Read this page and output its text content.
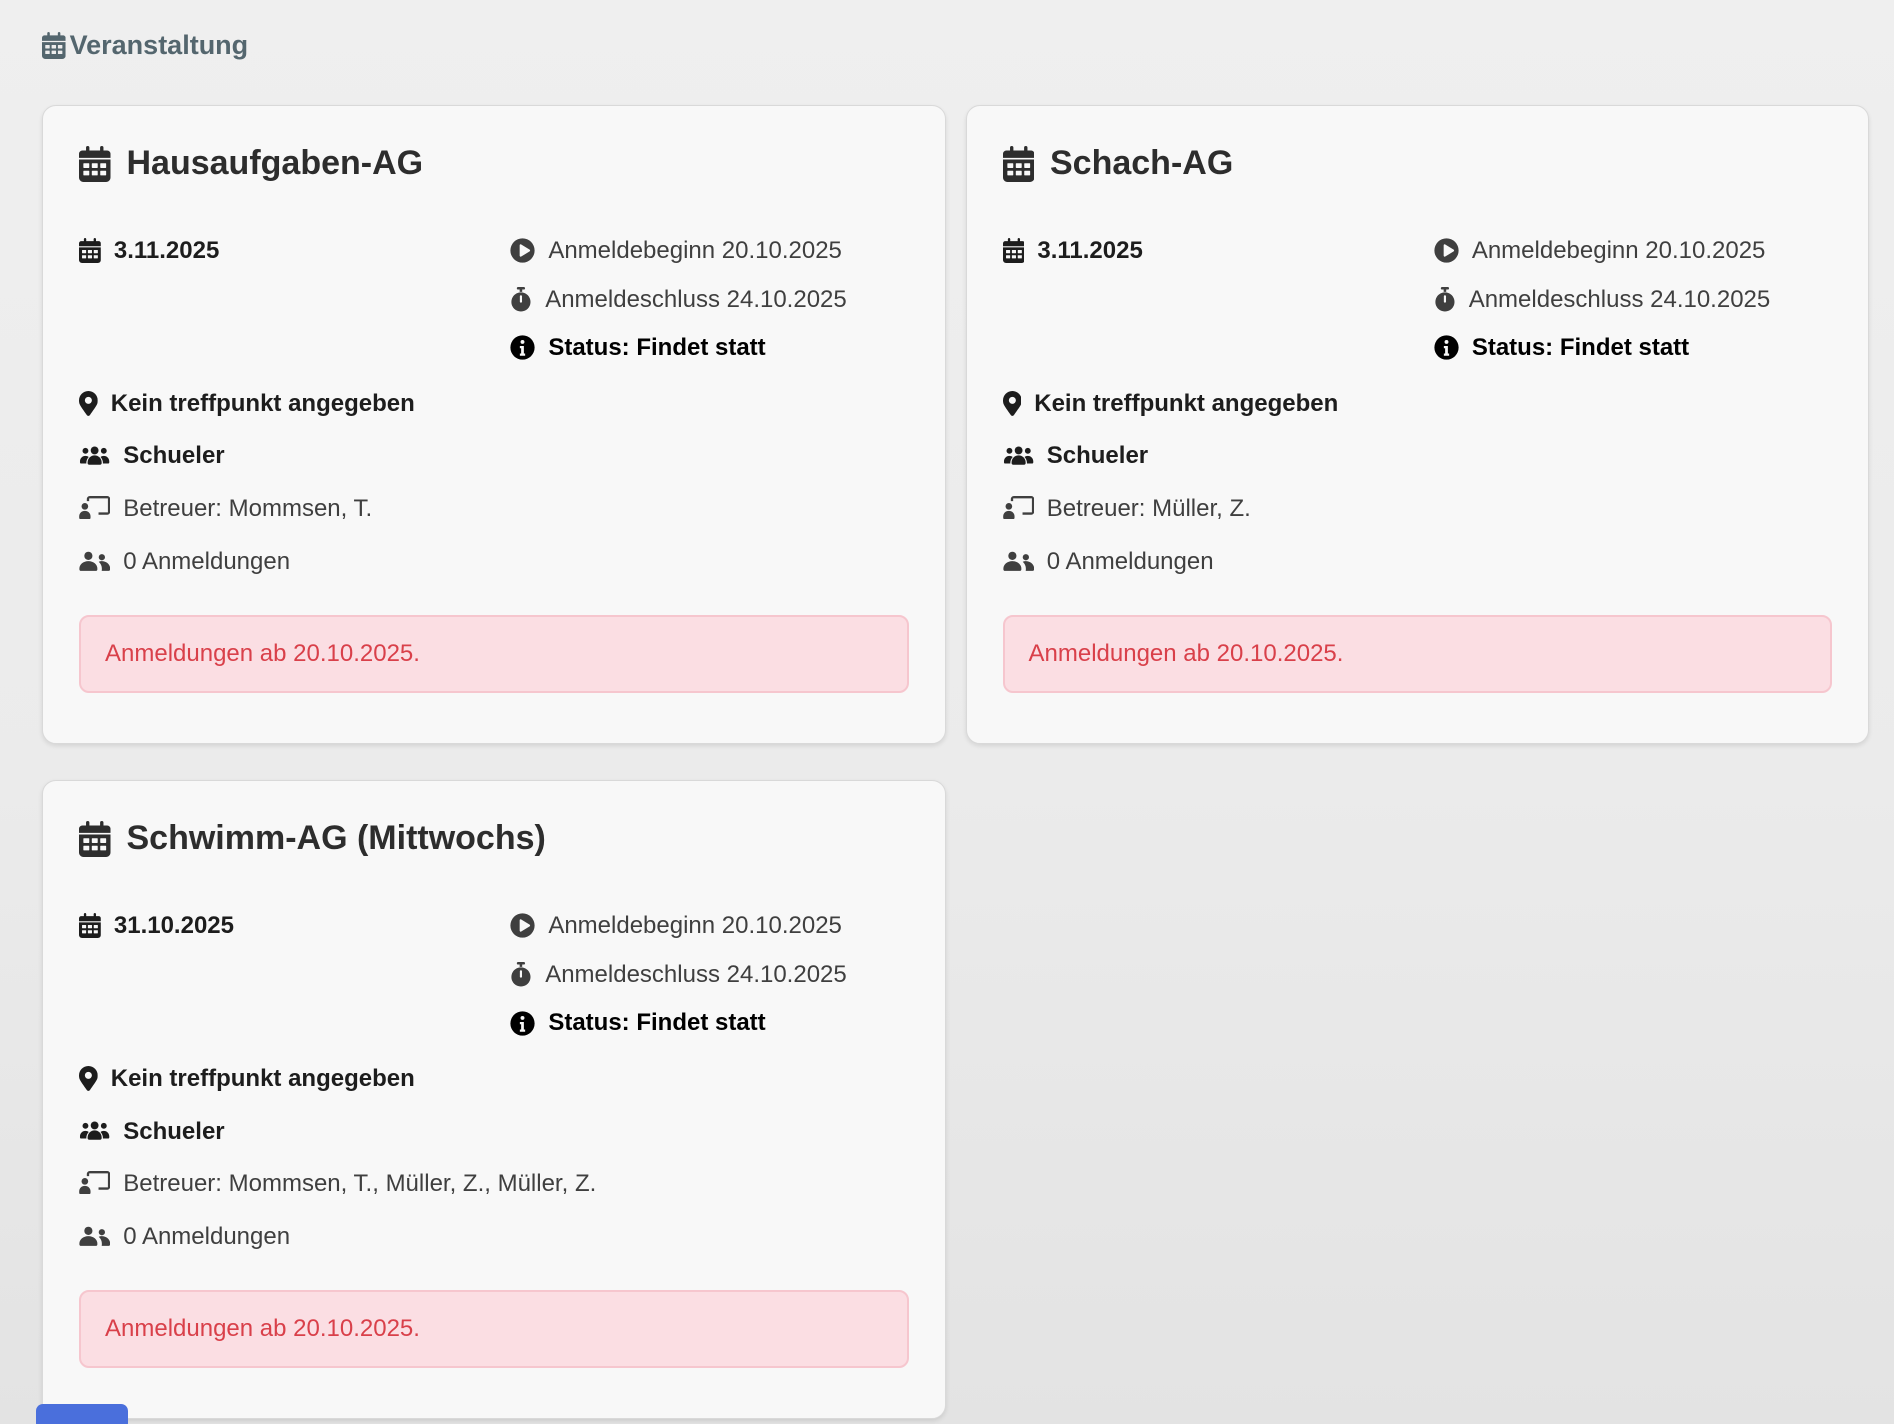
Veranstaltung
Hausaufgaben-AG
3.11.2025	Anmeldebeginn 20.10.2025
Anmeldeschluss 24.10.2025
Status: Findet statt
Kein treffpunkt angegeben
Schueler
Betreuer: Mommsen, T.
0 Anmeldungen
Anmeldungen ab 20.10.2025.
Schach-AG
3.11.2025	Anmeldebeginn 20.10.2025
Anmeldeschluss 24.10.2025
Status: Findet statt
Kein treffpunkt angegeben
Schueler
Betreuer: Müller, Z.
0 Anmeldungen
Anmeldungen ab 20.10.2025.
Schwimm-AG (Mittwochs)
31.10.2025	Anmeldebeginn 20.10.2025
Anmeldeschluss 24.10.2025
Status: Findet statt
Kein treffpunkt angegeben
Schueler
Betreuer: Mommsen, T., Müller, Z., Müller, Z.
0 Anmeldungen
Anmeldungen ab 20.10.2025.
